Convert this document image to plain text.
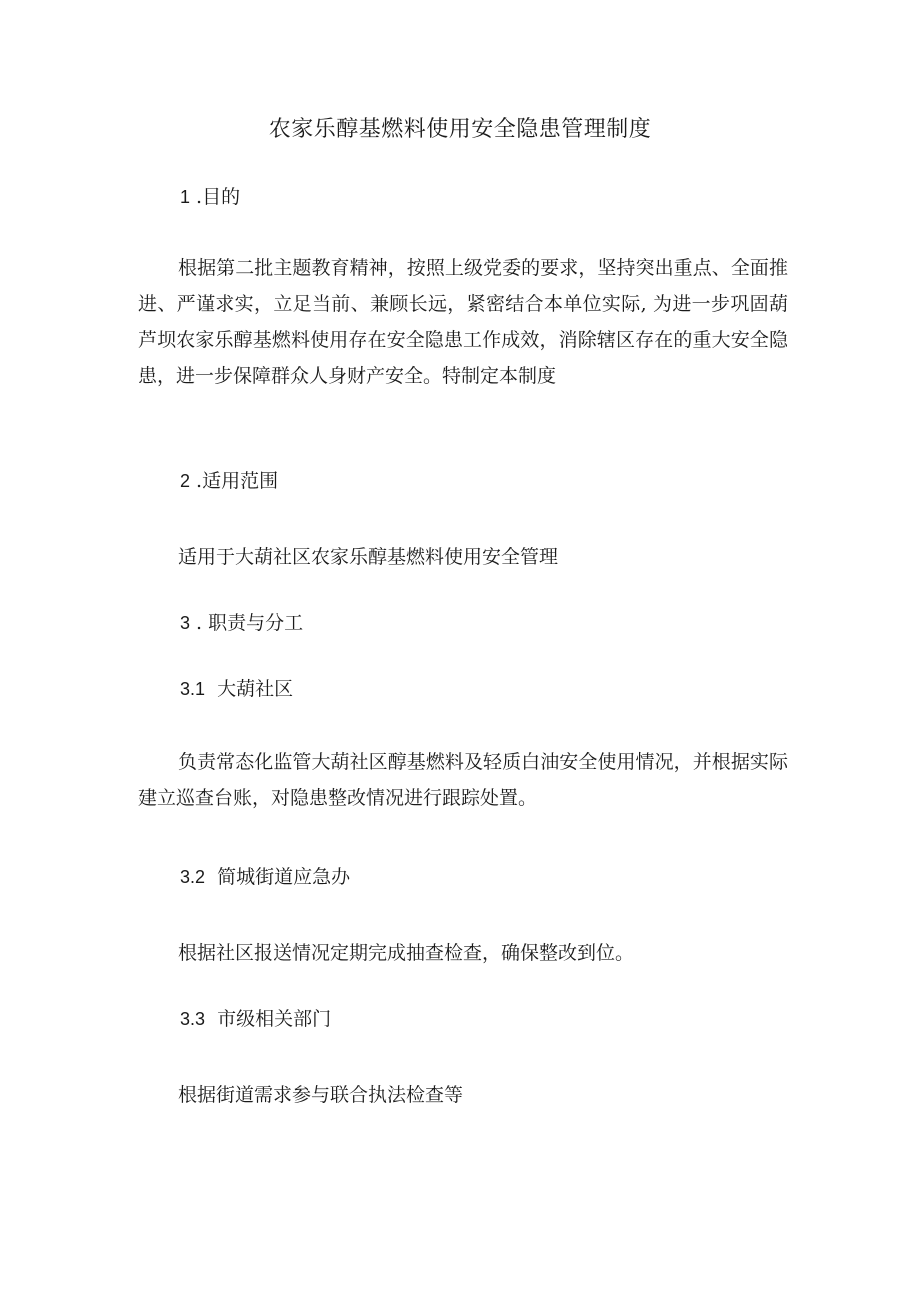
农家乐醇基燃料使用安全隐患管理制度
1 .目的
根据第二批主题教育精神，按照上级党委的要求，坚持突出重点、全面推进、严谨求实，立足当前、兼顾长远，紧密结合本单位实际, 为进一步巩固葫芦坝农家乐醇基燃料使用存在安全隐患工作成效，消除辖区存在的重大安全隐患，进一步保障群众人身财产安全。特制定本制度
2 .适用范围
适用于大葫社区农家乐醇基燃料使用安全管理
3 . 职责与分工
3.1  大葫社区
负责常态化监管大葫社区醇基燃料及轻质白油安全使用情况，并根据实际建立巡查台账，对隐患整改情况进行跟踪处置。
3.2  简城街道应急办
根据社区报送情况定期完成抽查检查，确保整改到位。
3.3  市级相关部门
根据街道需求参与联合执法检查等
